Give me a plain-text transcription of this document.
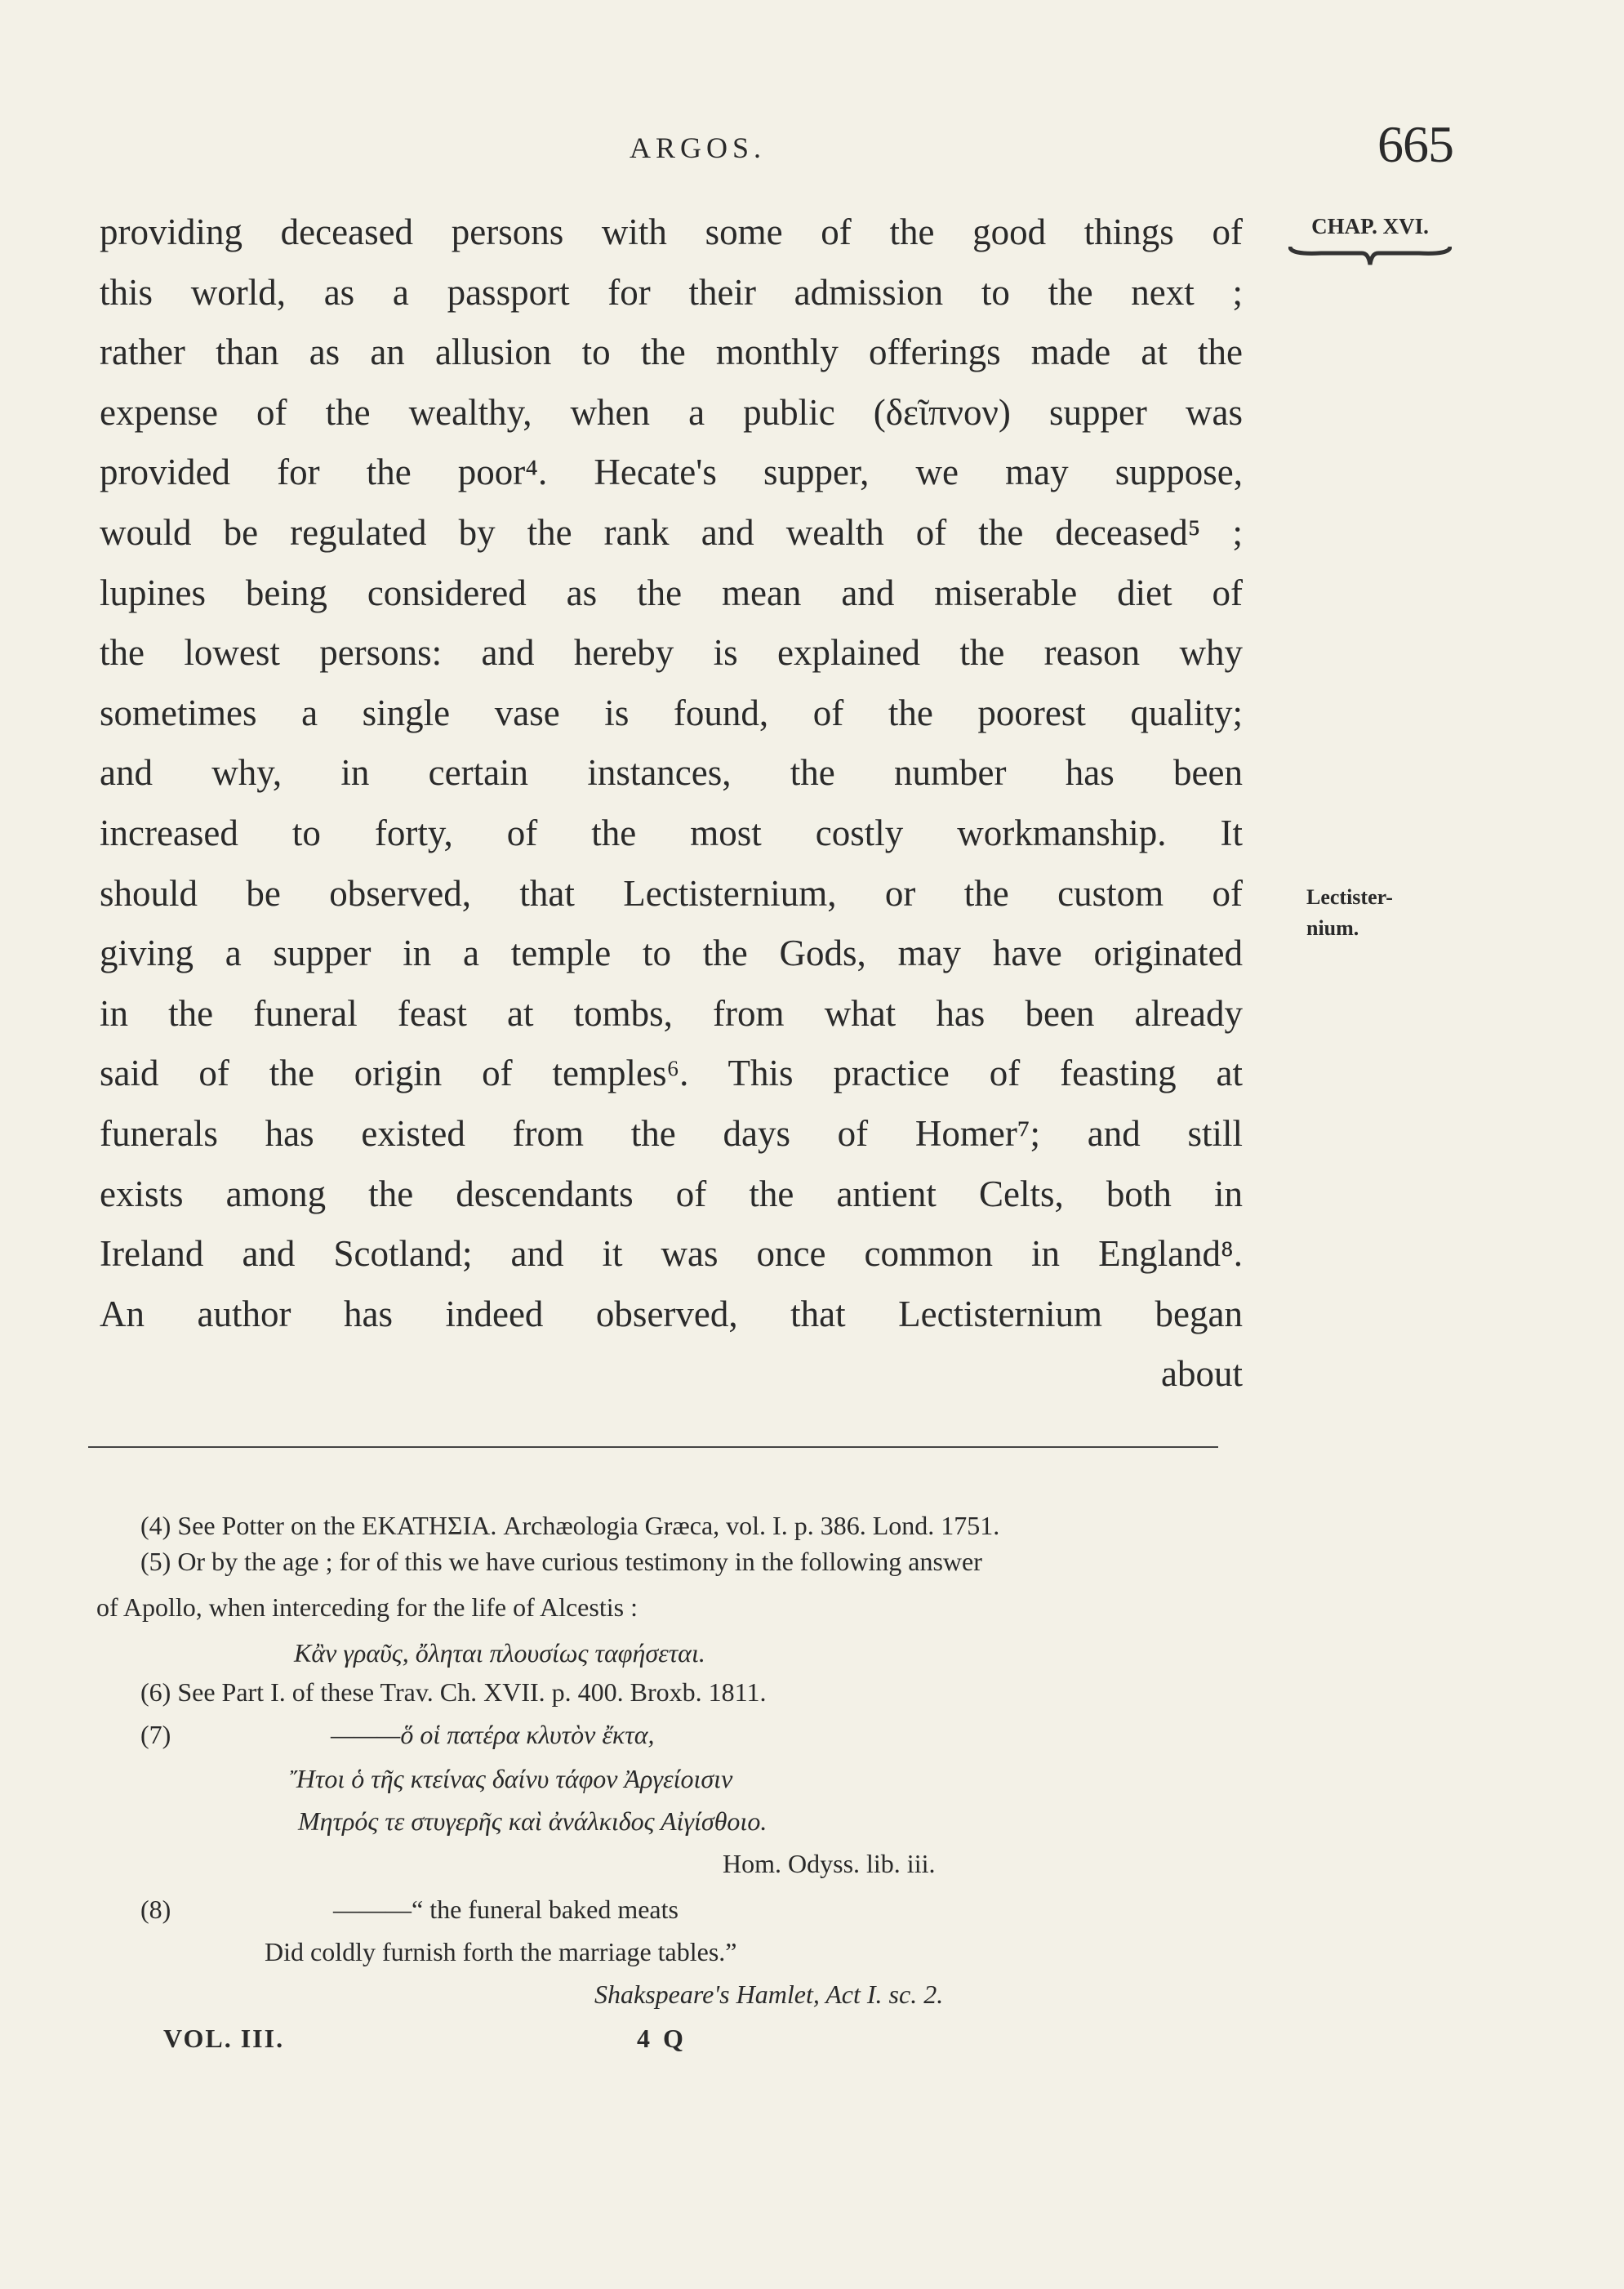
ARGOS.	665
CHAP. XVI.
Lectister-
nium.
providing deceased persons with some of the good things of
this world, as a passport for their admission to the next ;
rather than as an allusion to the monthly offerings made at the
expense of the wealthy, when a public (δεῖπνον) supper was
provided for the poor⁴. Hecate's supper, we may suppose,
would be regulated by the rank and wealth of the deceased⁵ ;
lupines being considered as the mean and miserable diet of
the lowest persons: and hereby is explained the reason why
sometimes a single vase is found, of the poorest quality;
and why, in certain instances, the number has been
increased to forty, of the most costly workmanship. It
should be observed, that Lectisternium, or the custom of
giving a supper in a temple to the Gods, may have originated
in the funeral feast at tombs, from what has been already
said of the origin of temples⁶. This practice of feasting at
funerals has existed from the days of Homer⁷; and still
exists among the descendants of the antient Celts, both in
Ireland and Scotland; and it was once common in England⁸.
An author has indeed observed, that Lectisternium began
about
(4) See Potter on the ΕΚΑΤΗΣΙΑ. Archæologia Græca, vol. I. p. 386. Lond. 1751.
(5) Or by the age ; for of this we have curious testimony in the following answer
of Apollo, when interceding for the life of Alcestis :
Κἂν γραῦς, ὄληται πλουσίως ταφήσεται.
(6) See Part I. of these Trav. Ch. XVII. p. 400. Broxb. 1811.
(7)	———ὅ οἱ πατέρα κλυτὸν ἔκτα,
Ἤτοι ὁ τῆς κτείνας δαίνυ τάφον Ἀργείοισιν
Μητρός τε στυγερῆς καὶ ἀνάλκιδος Αἰγίσθοιο.
Hom. Odyss. lib. iii.
(8)	———“ the funeral baked meats
Did coldly furnish forth the marriage tables.”
Shakspeare's Hamlet, Act I. sc. 2.
VOL. III.	4 Q
